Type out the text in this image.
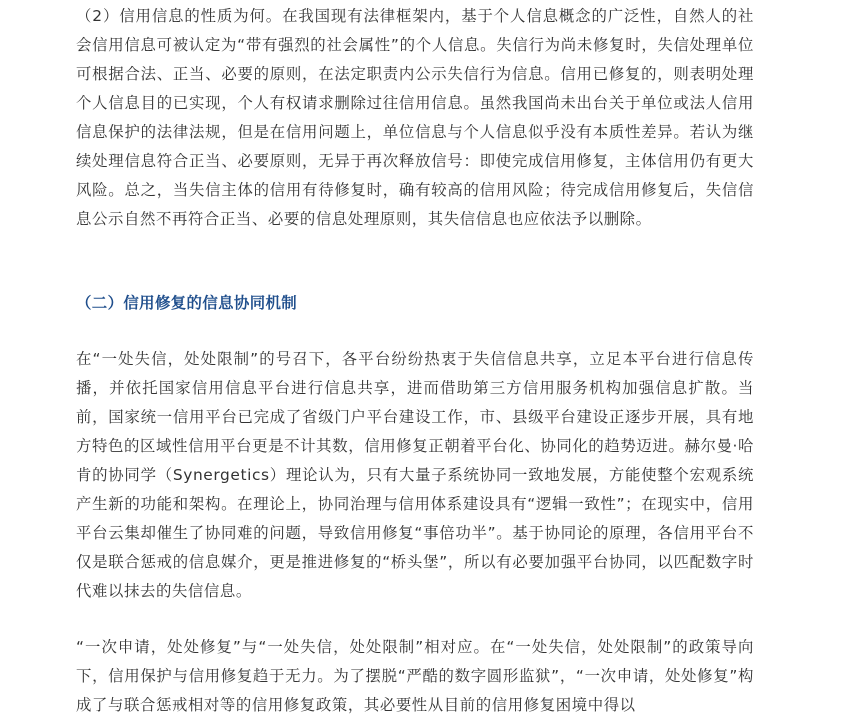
（2）信用信息的性质为何。在我国现有法律框架内，基于个人信息概念的广泛性，自然人的社会信用信息可被认定为“带有强烈的社会属性”的个人信息。失信行为尚未修复时，失信处理单位可根据合法、正当、必要的原则，在法定职责内公示失信行为信息。信用已修复的，则表明处理个人信息目的已实现，个人有权请求删除过往信用信息。虽然我国尚未出台关于单位或法人信用信息保护的法律法规，但是在信用问题上，单位信息与个人信息似乎没有本质性差异。若认为继续处理信息符合正当、必要原则，无异于再次释放信号：即使完成信用修复，主体信用仍有更大风险。总之，当失信主体的信用有待修复时，确有较高的信用风险；待完成信用修复后，失信信息公示自然不再符合正当、必要的信息处理原则，其失信信息也应依法予以删除。

（二）信用修复的信息协同机制

在“一处失信，处处限制”的号召下，各平台纷纷热衷于失信信息共享，立足本平台进行信息传播，并依托国家信用信息平台进行信息共享，进而借助第三方信用服务机构加强信息扩散。当前，国家统一信用平台已完成了省级门户平台建设工作，市、县级平台建设正逐步开展，具有地方特色的区域性信用平台更是不计其数，信用修复正朝着平台化、协同化的趋势迈进。赫尔曼·哈肯的协同学（Synergetics）理论认为，只有大量子系统协同一致地发展，方能使整个宏观系统产生新的功能和架构。在理论上，协同治理与信用体系建设具有“逻辑一致性”；在现实中，信用平台云集却催生了协同难的问题，导致信用修复“事倍功半”。基于协同论的原理，各信用平台不仅是联合惩戒的信息媒介，更是推进修复的“桥头堡”，所以有必要加强平台协同，以匹配数字时代难以抹去的失信信息。

“一次申请，处处修复”与“一处失信，处处限制”相对应。在“一处失信，处处限制”的政策导向下，信用保护与信用修复趋于无力。为了摆脱“严酷的数字圆形监狱”，“一次申请，处处修复”构成了与联合惩戒相对等的信用修复政策，其必要性从目前的信用修复困境中得以
